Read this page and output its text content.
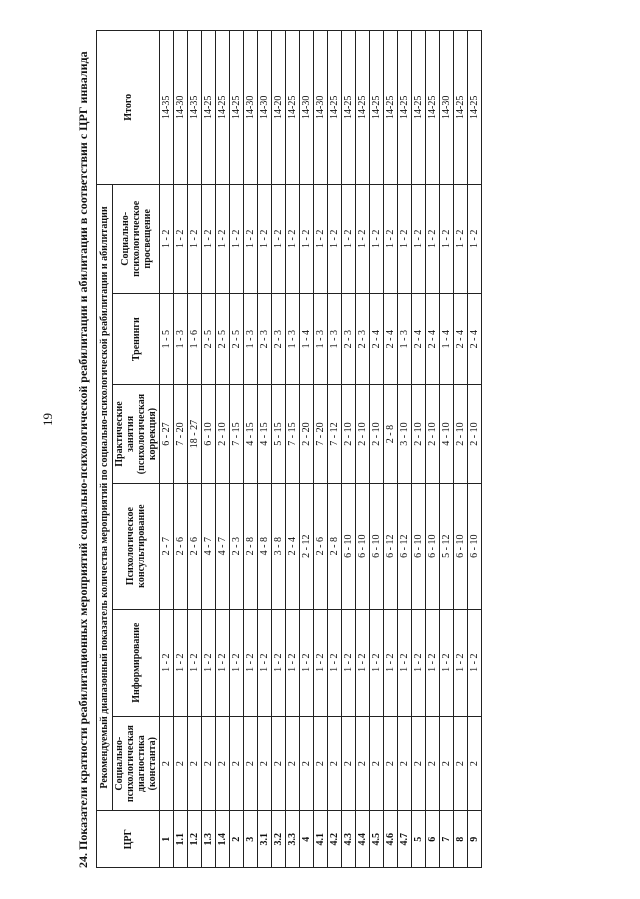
19 24. Показатели кратности реабилитационных мероприятий социально-психологической реабилитации и абилитации в соответствии с ЦРГ инвалида	ЦРГ	Рекомендуемый диапазонный показатель количества мероприятий по социально-психологической реабилитации и абилитации						Итого
	Социально-психологическая диагностика (константа)	Информирование	Психологическое консультирование	Практические занятия (психологическая коррекция)	Тренинги	Социально-психологическое просвещение	
1	2	1 - 2	2 - 7	6 - 27	1 - 5	1 - 2	14-35
1.1	2	1 - 2	2 - 6	7 - 20	1 - 3	1 - 2	14-30
1.2	2	1 - 2	2 - 6	18 - 27	1 - 6	1 - 2	14-35
1.3	2	1 - 2	4 - 7	6 - 10	2 - 5	1 - 2	14-25
1.4	2	1 - 2	4 - 7	2 - 10	2 - 5	1 - 2	14-25
2	2	1 - 2	2 - 3	7 - 15	2 - 5	1 - 2	14-25
3	2	1 - 2	2 - 8	4 - 15	1 - 3	1 - 2	14-30
3.1	2	1 - 2	4 - 8	4 - 15	2 - 3	1 - 2	14-30
3.2	2	1 - 2	3 - 8	5 - 15	2 - 3	1 - 2	14-20
3.3	2	1 - 2	2 - 4	7 - 15	1 - 3	1 - 2	14-25
4	2	1 - 2	2 - 12	2 - 20	1 - 4	1 - 2	14-30
4.1	2	1 - 2	2 - 6	7 - 20	1 - 3	1 - 2	14-30
4.2	2	1 - 2	2 - 8	7 - 12	1 - 3	1 - 2	14-25
4.3	2	1 - 2	6 - 10	2 - 10	2 - 3	1 - 2	14-25
4.4	2	1 - 2	6 - 10	2 - 10	2 - 3	1 - 2	14-25
4.5	2	1 - 2	6 - 10	2 - 10	2 - 4	1 - 2	14-25
4.6	2	1 - 2	6 - 12	2 - 8	2 - 4	1 - 2	14-25
4.7	2	1 - 2	6 - 12	3 - 10	1 - 3	1 - 2	14-25
5	2	1 - 2	6 - 10	2 - 10	2 - 4	1 - 2	14-25
6	2	1 - 2	6 - 10	2 - 10	2 - 4	1 - 2	14-25
7	2	1 - 2	5 - 12	4 - 10	1 - 4	1 - 2	14-30
8	2	1 - 2	6 - 10	2 - 10	2 - 4	1 - 2	14-25
9	2	1 - 2	6 - 10	2 - 10	2 - 4	1 - 2	14-25
